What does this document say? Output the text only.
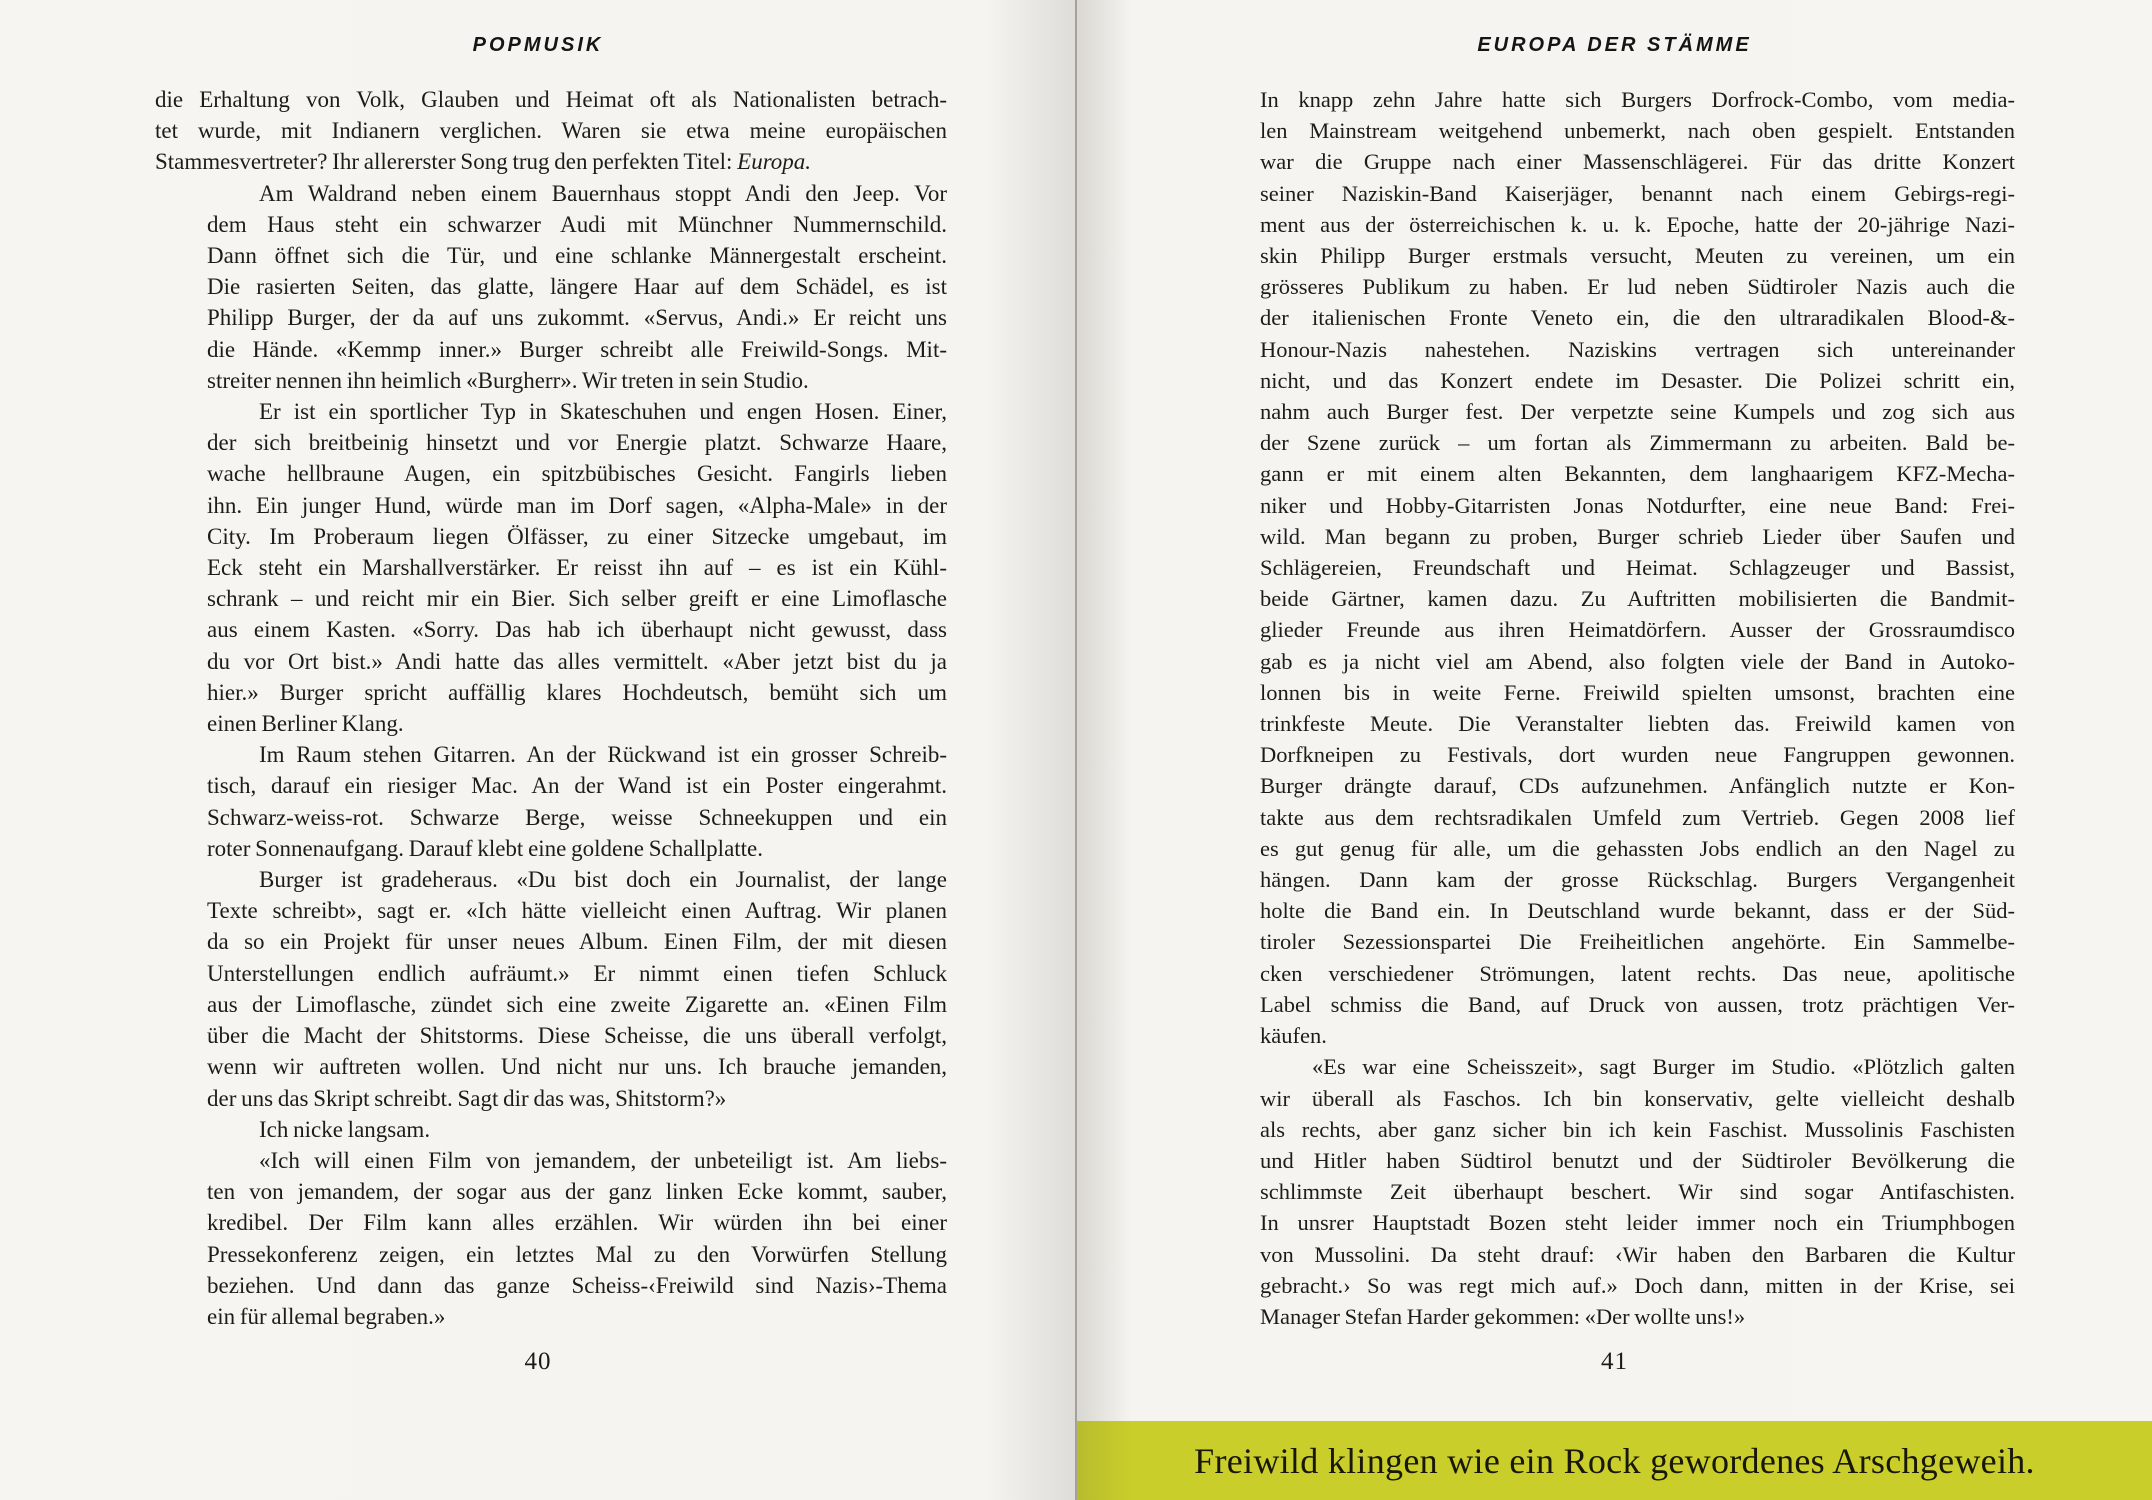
POPMUSIK
die Erhaltung von Volk, Glauben und Heimat oft als Nationalisten betrach-
tet wurde, mit Indianern verglichen. Waren sie etwa meine europäischen
Stammesvertreter? Ihr allererster Song trug den perfekten Titel: Europa.
Am Waldrand neben einem Bauernhaus stoppt Andi den Jeep. Vor
dem Haus steht ein schwarzer Audi mit Münchner Nummernschild.
Dann öffnet sich die Tür, und eine schlanke Männergestalt erscheint.
Die rasierten Seiten, das glatte, längere Haar auf dem Schädel, es ist
Philipp Burger, der da auf uns zukommt. «Servus, Andi.» Er reicht uns
die Hände. «Kemmp inner.» Burger schreibt alle Freiwild-Songs. Mit-
streiter nennen ihn heimlich «Burgherr». Wir treten in sein Studio.
Er ist ein sportlicher Typ in Skateschuhen und engen Hosen. Einer,
der sich breitbeinig hinsetzt und vor Energie platzt. Schwarze Haare,
wache hellbraune Augen, ein spitzbübisches Gesicht. Fangirls lieben
ihn. Ein junger Hund, würde man im Dorf sagen, «Alpha-Male» in der
City. Im Proberaum liegen Ölfässer, zu einer Sitzecke umgebaut, im
Eck steht ein Marshallverstärker. Er reisst ihn auf – es ist ein Kühl-
schrank – und reicht mir ein Bier. Sich selber greift er eine Limoflasche
aus einem Kasten. «Sorry. Das hab ich überhaupt nicht gewusst, dass
du vor Ort bist.» Andi hatte das alles vermittelt. «Aber jetzt bist du ja
hier.» Burger spricht auffällig klares Hochdeutsch, bemüht sich um
einen Berliner Klang.
Im Raum stehen Gitarren. An der Rückwand ist ein grosser Schreib-
tisch, darauf ein riesiger Mac. An der Wand ist ein Poster eingerahmt.
Schwarz-weiss-rot. Schwarze Berge, weisse Schneekuppen und ein
roter Sonnenaufgang. Darauf klebt eine goldene Schallplatte.
Burger ist gradeheraus. «Du bist doch ein Journalist, der lange
Texte schreibt», sagt er. «Ich hätte vielleicht einen Auftrag. Wir planen
da so ein Projekt für unser neues Album. Einen Film, der mit diesen
Unterstellungen endlich aufräumt.» Er nimmt einen tiefen Schluck
aus der Limoflasche, zündet sich eine zweite Zigarette an. «Einen Film
über die Macht der Shitstorms. Diese Scheisse, die uns überall verfolgt,
wenn wir auftreten wollen. Und nicht nur uns. Ich brauche jemanden,
der uns das Skript schreibt. Sagt dir das was, Shitstorm?»
Ich nicke langsam.
«Ich will einen Film von jemandem, der unbeteiligt ist. Am liebs-
ten von jemandem, der sogar aus der ganz linken Ecke kommt, sauber,
kredibel. Der Film kann alles erzählen. Wir würden ihn bei einer
Pressekonferenz zeigen, ein letztes Mal zu den Vorwürfen Stellung
beziehen. Und dann das ganze Scheiss-‹Freiwild sind Nazis›-Thema
ein für allemal begraben.»
40
EUROPA DER STÄMME
In knapp zehn Jahre hatte sich Burgers Dorfrock-Combo, vom media-
len Mainstream weitgehend unbemerkt, nach oben gespielt. Entstanden
war die Gruppe nach einer Massenschlägerei. Für das dritte Konzert
seiner Naziskin-Band Kaiserjäger, benannt nach einem Gebirgs-regi-
ment aus der österreichischen k. u. k. Epoche, hatte der 20-jährige Nazi-
skin Philipp Burger erstmals versucht, Meuten zu vereinen, um ein
grösseres Publikum zu haben. Er lud neben Südtiroler Nazis auch die
der italienischen Fronte Veneto ein, die den ultraradikalen Blood-&-
Honour-Nazis nahestehen. Naziskins vertragen sich untereinander
nicht, und das Konzert endete im Desaster. Die Polizei schritt ein,
nahm auch Burger fest. Der verpetzte seine Kumpels und zog sich aus
der Szene zurück – um fortan als Zimmermann zu arbeiten. Bald be-
gann er mit einem alten Bekannten, dem langhaarigem KFZ-Mecha-
niker und Hobby-Gitarristen Jonas Notdurfter, eine neue Band: Frei-
wild. Man begann zu proben, Burger schrieb Lieder über Saufen und
Schlägereien, Freundschaft und Heimat. Schlagzeuger und Bassist,
beide Gärtner, kamen dazu. Zu Auftritten mobilisierten die Bandmit-
glieder Freunde aus ihren Heimatdörfern. Ausser der Grossraumdisco
gab es ja nicht viel am Abend, also folgten viele der Band in Autoko-
lonnen bis in weite Ferne. Freiwild spielten umsonst, brachten eine
trinkfeste Meute. Die Veranstalter liebten das. Freiwild kamen von
Dorfkneipen zu Festivals, dort wurden neue Fangruppen gewonnen.
Burger drängte darauf, CDs aufzunehmen. Anfänglich nutzte er Kon-
takte aus dem rechtsradikalen Umfeld zum Vertrieb. Gegen 2008 lief
es gut genug für alle, um die gehassten Jobs endlich an den Nagel zu
hängen. Dann kam der grosse Rückschlag. Burgers Vergangenheit
holte die Band ein. In Deutschland wurde bekannt, dass er der Süd-
tiroler Sezessionspartei Die Freiheitlichen angehörte. Ein Sammelbe-
cken verschiedener Strömungen, latent rechts. Das neue, apolitische
Label schmiss die Band, auf Druck von aussen, trotz prächtigen Ver-
käufen.
«Es war eine Scheisszeit», sagt Burger im Studio. «Plötzlich galten
wir überall als Faschos. Ich bin konservativ, gelte vielleicht deshalb
als rechts, aber ganz sicher bin ich kein Faschist. Mussolinis Faschisten
und Hitler haben Südtirol benutzt und der Südtiroler Bevölkerung die
schlimmste Zeit überhaupt beschert. Wir sind sogar Antifaschisten.
In unsrer Hauptstadt Bozen steht leider immer noch ein Triumphbogen
von Mussolini. Da steht drauf: ‹Wir haben den Barbaren die Kultur
gebracht.› So was regt mich auf.» Doch dann, mitten in der Krise, sei
Manager Stefan Harder gekommen: «Der wollte uns!»
41
Freiwild klingen wie ein Rock gewordenes Arschgeweih.
